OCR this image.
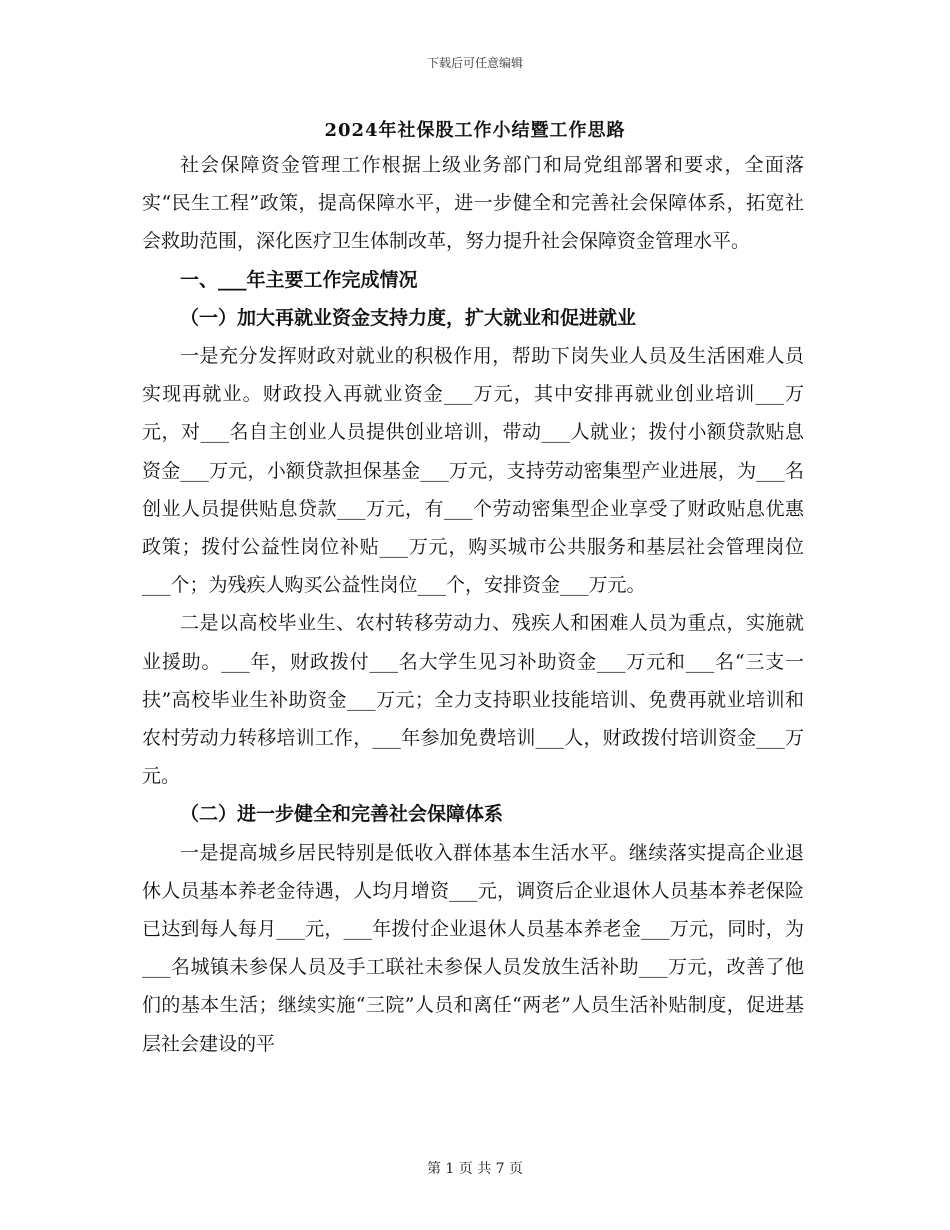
下载后可任意编辑
2024年社保股工作小结暨工作思路

社会保障资金管理工作根据上级业务部门和局党组部署和要求，全面落实“民生工程”政策，提高保障水平，进一步健全和完善社会保障体系，拓宽社会救助范围，深化医疗卫生体制改革，努力提升社会保障资金管理水平。

一、___年主要工作完成情况
（一）加大再就业资金支持力度，扩大就业和促进就业

一是充分发挥财政对就业的积极作用，帮助下岗失业人员及生活困难人员实现再就业。财政投入再就业资金___万元，其中安排再就业创业培训___万元，对___名自主创业人员提供创业培训，带动___人就业；拨付小额贷款贴息资金___万元，小额贷款担保基金___万元，支持劳动密集型产业进展，为___名创业人员提供贴息贷款___万元，有___个劳动密集型企业享受了财政贴息优惠政策；拨付公益性岗位补贴___万元，购买城市公共服务和基层社会管理岗位___个；为残疾人购买公益性岗位___个，安排资金___万元。

二是以高校毕业生、农村转移劳动力、残疾人和困难人员为重点，实施就业援助。___年，财政拨付___名大学生见习补助资金___万元和___名“三支一扶”高校毕业生补助资金___万元；全力支持职业技能培训、免费再就业培训和农村劳动力转移培训工作，___年参加免费培训___人，财政拨付培训资金___万元。

（二）进一步健全和完善社会保障体系

一是提高城乡居民特别是低收入群体基本生活水平。继续落实提高企业退休人员基本养老金待遇，人均月增资___元，调资后企业退休人员基本养老保险已达到每人每月___元，___年拨付企业退休人员基本养老金___万元，同时，为___名城镇未参保人员及手工联社未参保人员发放生活补助___万元，改善了他们的基本生活；继续实施“三院”人员和离任“两老”人员生活补贴制度，促进基层社会建设的平

第 1 页 共 7 页
